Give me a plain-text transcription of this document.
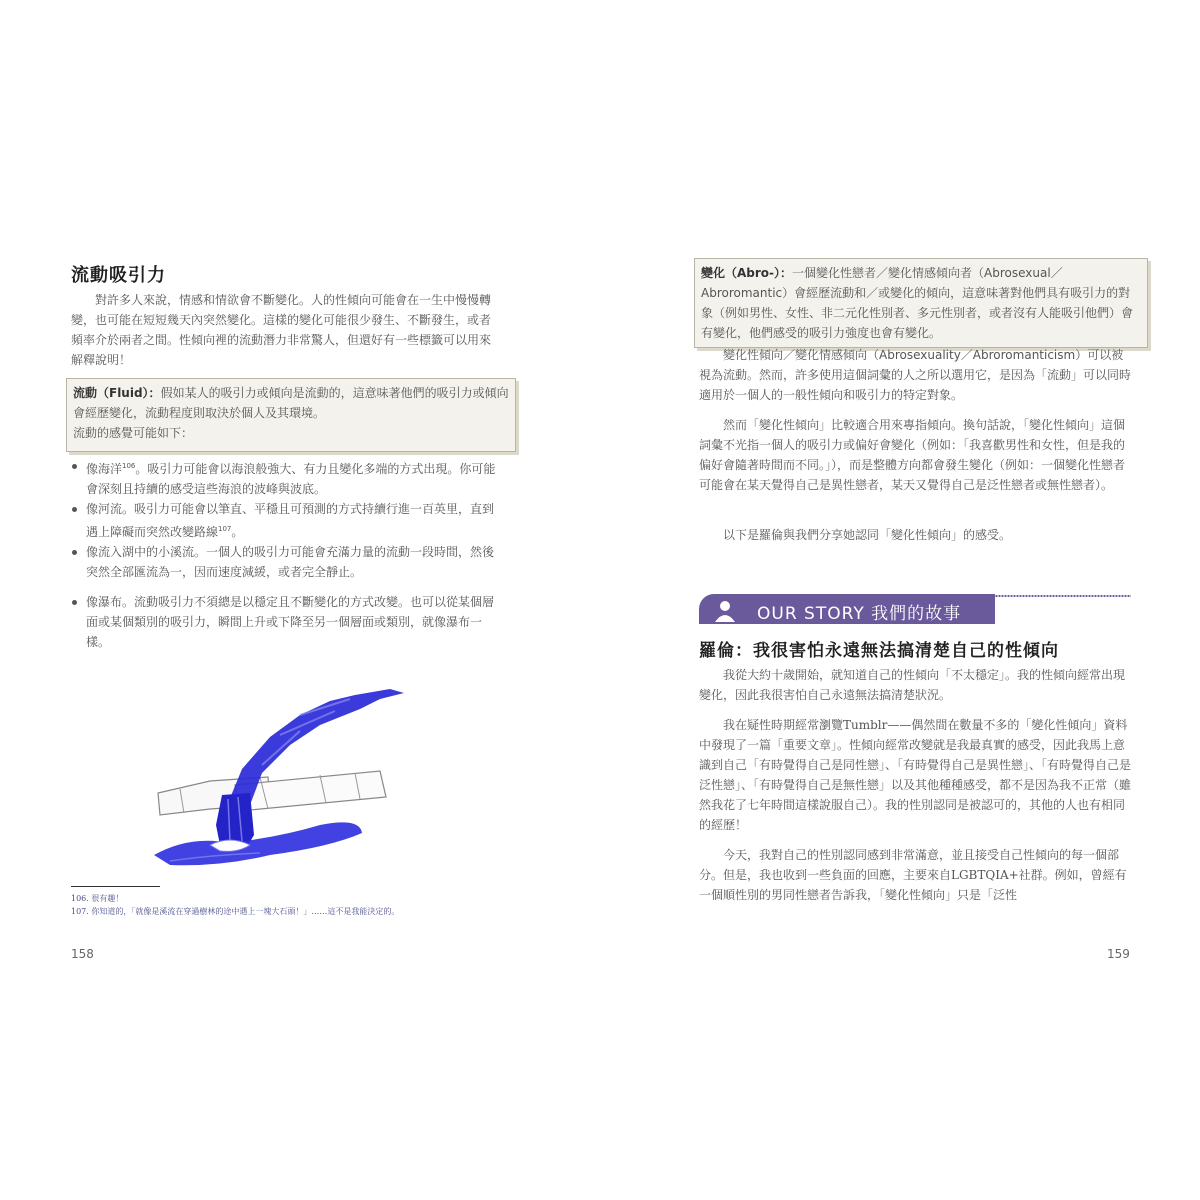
流動吸引力

對許多人來說，情感和情欲會不斷變化。人的性傾向可能會在一生中慢慢轉變，也可能在短短幾天內突然變化。這樣的變化可能很少發生、不斷發生，或者頻率介於兩者之間。性傾向裡的流動潛力非常驚人，但還好有一些標籤可以用來解釋說明！

流動（Fluid）：假如某人的吸引力或傾向是流動的，這意味著他們的吸引力或傾向會經歷變化，流動程度則取決於個人及其環境。
流動的感覺可能如下：
像海洋$^{106}$。吸引力可能會以海浪般強大、有力且變化多端的方式出現。你可能會深刻且持續的感受這些海浪的波峰與波底。
像河流。吸引力可能會以筆直、平穩且可預測的方式持續行進一百英里，直到遇上障礙而突然改變路線$^{107}$。
像流入湖中的小溪流。一個人的吸引力可能會充滿力量的流動一段時間，然後突然全部匯流為一，因而速度減緩，或者完全靜止。
像瀑布。流動吸引力不須總是以穩定且不斷變化的方式改變。也可以從某個層面或某個類別的吸引力，瞬間上升或下降至另一個層面或類別，就像瀑布一樣。
106. 很有趣！
107. 你知道的，「就像是溪流在穿過樹林的途中遇上一塊大石頭！」……這不是我能決定的。
158
變化（Abro-）：一個變化性戀者／變化情感傾向者（Abrosexual／Abroromantic）會經歷流動和／或變化的傾向，這意味著對他們具有吸引力的對象（例如男性、女性、非二元化性別者、多元性別者，或者沒有人能吸引他們）會有變化，他們感受的吸引力強度也會有變化。

變化性傾向／變化情感傾向（Abrosexuality／Abroromanticism）可以被視為流動。然而，許多使用這個詞彙的人之所以選用它，是因為「流動」可以同時適用於一個人的一般性傾向和吸引力的特定對象。

然而「變化性傾向」比較適合用來專指傾向。換句話說，「變化性傾向」這個詞彙不光指一個人的吸引力或偏好會變化（例如：「我喜歡男性和女性，但是我的偏好會隨著時間而不同。」），而是整體方向都會發生變化（例如：一個變化性戀者可能會在某天覺得自己是異性戀者，某天又覺得自己是泛性戀者或無性戀者）。

以下是羅倫與我們分享她認同「變化性傾向」的感受。

OUR STORY 我們的故事
羅倫：我很害怕永遠無法搞清楚自己的性傾向

我從大約十歲開始，就知道自己的性傾向「不太穩定」。我的性傾向經常出現變化，因此我很害怕自己永遠無法搞清楚狀況。

我在疑性時期經常瀏覽Tumblr——偶然間在數量不多的「變化性傾向」資料中發現了一篇「重要文章」。性傾向經常改變就是我最真實的感受，因此我馬上意識到自己「有時覺得自己是同性戀」、「有時覺得自己是異性戀」、「有時覺得自己是泛性戀」、「有時覺得自己是無性戀」以及其他種種感受，都不是因為我不正常（雖然我花了七年時間這樣說服自己）。我的性別認同是被認可的，其他的人也有相同的經歷！

今天，我對自己的性別認同感到非常滿意，並且接受自己性傾向的每一個部分。但是，我也收到一些負面的回應，主要來自LGBTQIA+社群。例如，曾經有一個順性別的男同性戀者告訴我，「變化性傾向」只是「泛性

159
